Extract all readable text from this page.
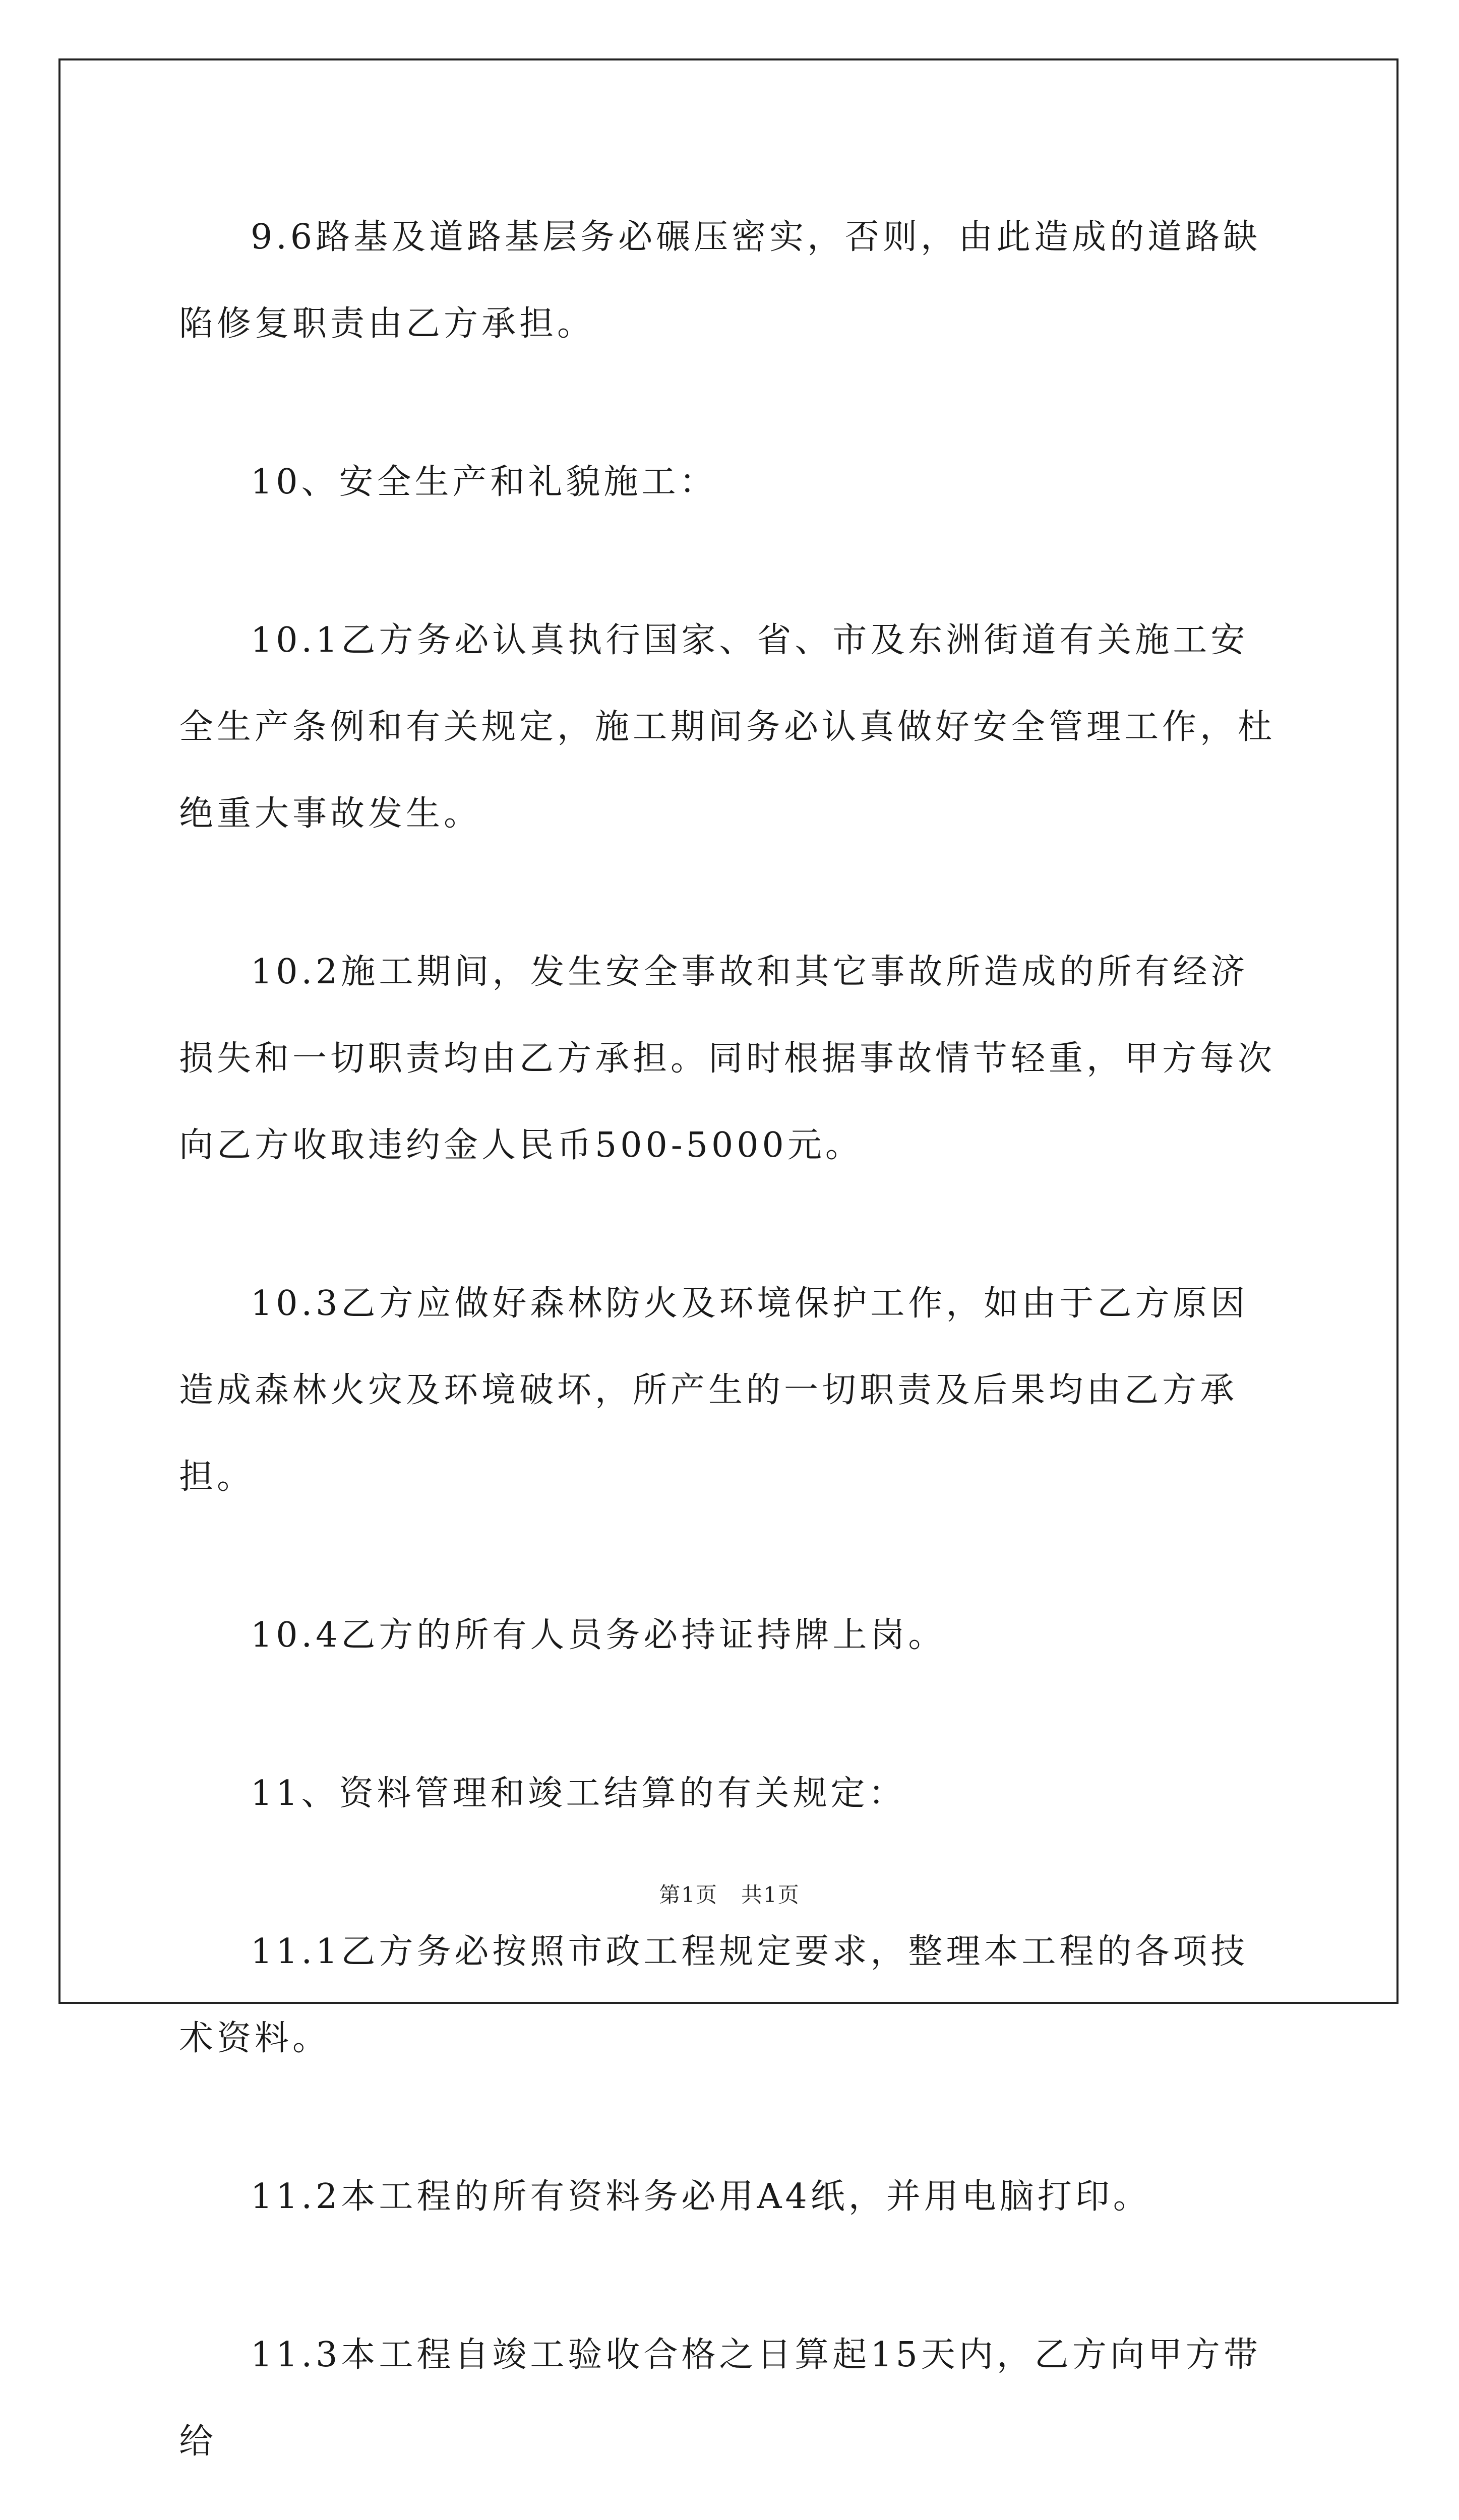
9.6路基及道路基层务必碾压密实，否则，由此造成的道路缺陷修复职责由乙方承担。

10、安全生产和礼貌施工：

10.1乙方务必认真执行国家、省、市及东洲街道有关施工安全生产条例和有关规定，施工期间务必认真做好安全管理工作，杜绝重大事故发生。

10.2施工期间，发生安全事故和其它事故所造成的所有经济损失和一切职责均由乙方承担。同时根据事故情节轻重，甲方每次向乙方收取违约金人民币500-5000元。

10.3乙方应做好森林防火及环境保护工作，如由于乙方原因造成森林火灾及环境破坏，所产生的一切职责及后果均由乙方承担。

10.4乙方的所有人员务必持证持牌上岗。

11、资料管理和竣工结算的有关规定：

11.1乙方务必按照市政工程规定要求，整理本工程的各项技术资料。

11.2本工程的所有资料务必用A4纸，并用电脑打印。

11.3本工程自竣工验收合格之日算起15天内，乙方向甲方带给

第1页 共1页
